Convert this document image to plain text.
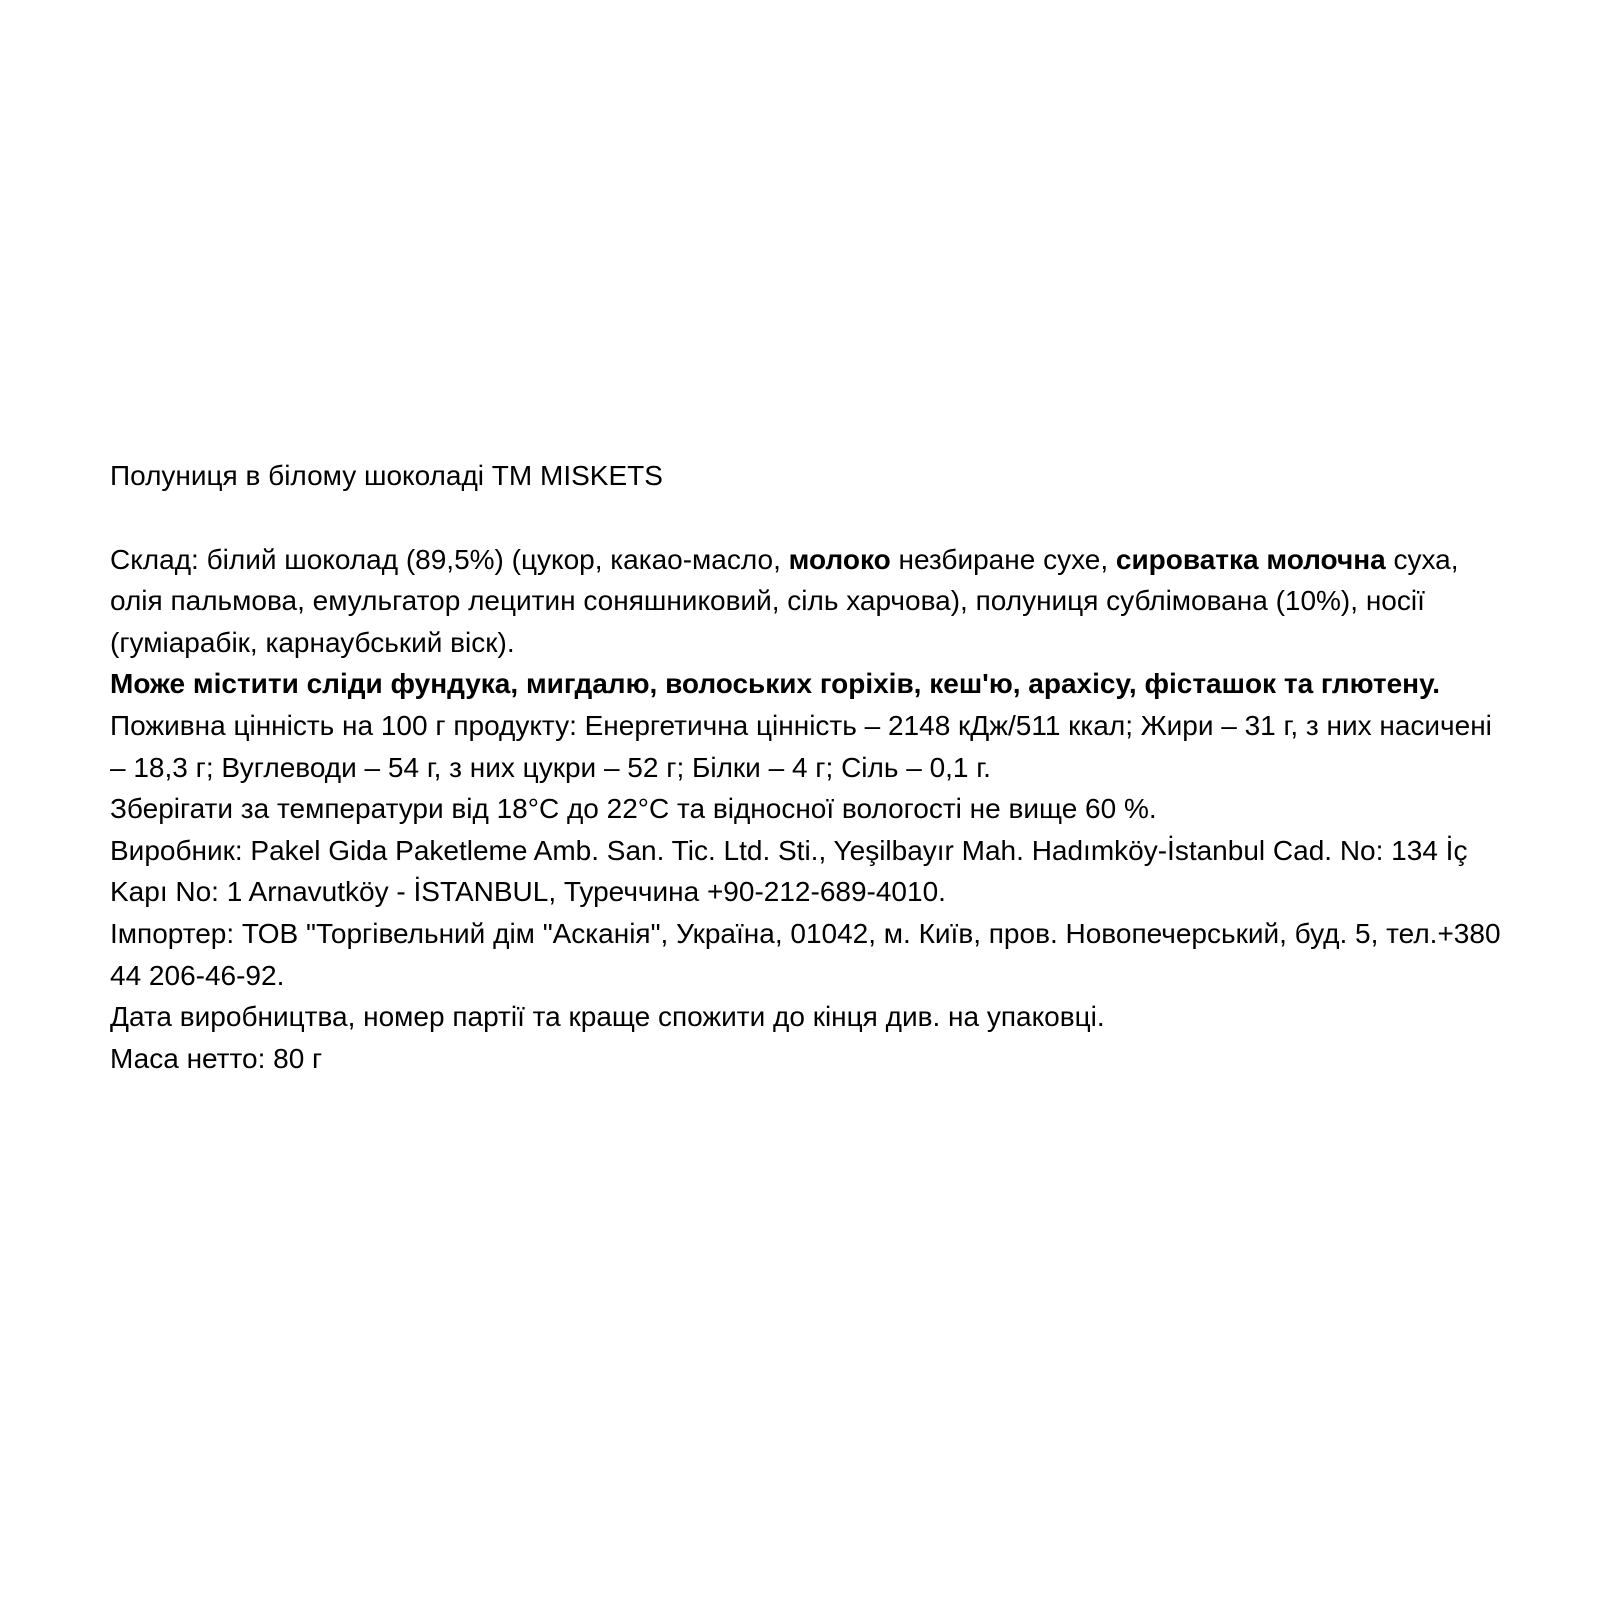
Полуниця в білому шоколаді ТМ MISKETS

Склад: білий шоколад (89,5%) (цукор, какао-масло, молоко незбиране сухе, сироватка молочна суха, олія пальмова, емульгатор лецитин соняшниковий, сіль харчова), полуниця сублімована (10%), носії (гуміарабік, карнаубський віск).

Може містити сліди фундука, мигдалю, волоських горіхів, кеш'ю, арахісу, фісташок та глютену.

Поживна цінність на 100 г продукту: Енергетична цінність – 2148 кДж/511 ккал; Жири – 31 г, з них насичені – 18,3 г; Вуглеводи – 54 г, з них цукри – 52 г; Білки – 4 г; Сіль – 0,1 г.

Зберігати за температури від 18°С до 22°С та відносної вологості не вище 60 %.

Виробник: Pakel Gida Paketleme Amb. San. Tic. Ltd. Sti., Yeşilbayır Mah. Hadımköy-İstanbul Cad. No: 134 İç Kapı No: 1 Arnavutköy - İSTANBUL, Туреччина +90-212-689-4010.

Імпортер: ТОВ "Торгівельний дім "Асканія", Україна, 01042, м. Київ, пров. Новопечерський, буд. 5, тел.+380 44 206-46-92.

Дата виробництва, номер партії та краще спожити до кінця див. на упаковці.

Маса нетто: 80 г
